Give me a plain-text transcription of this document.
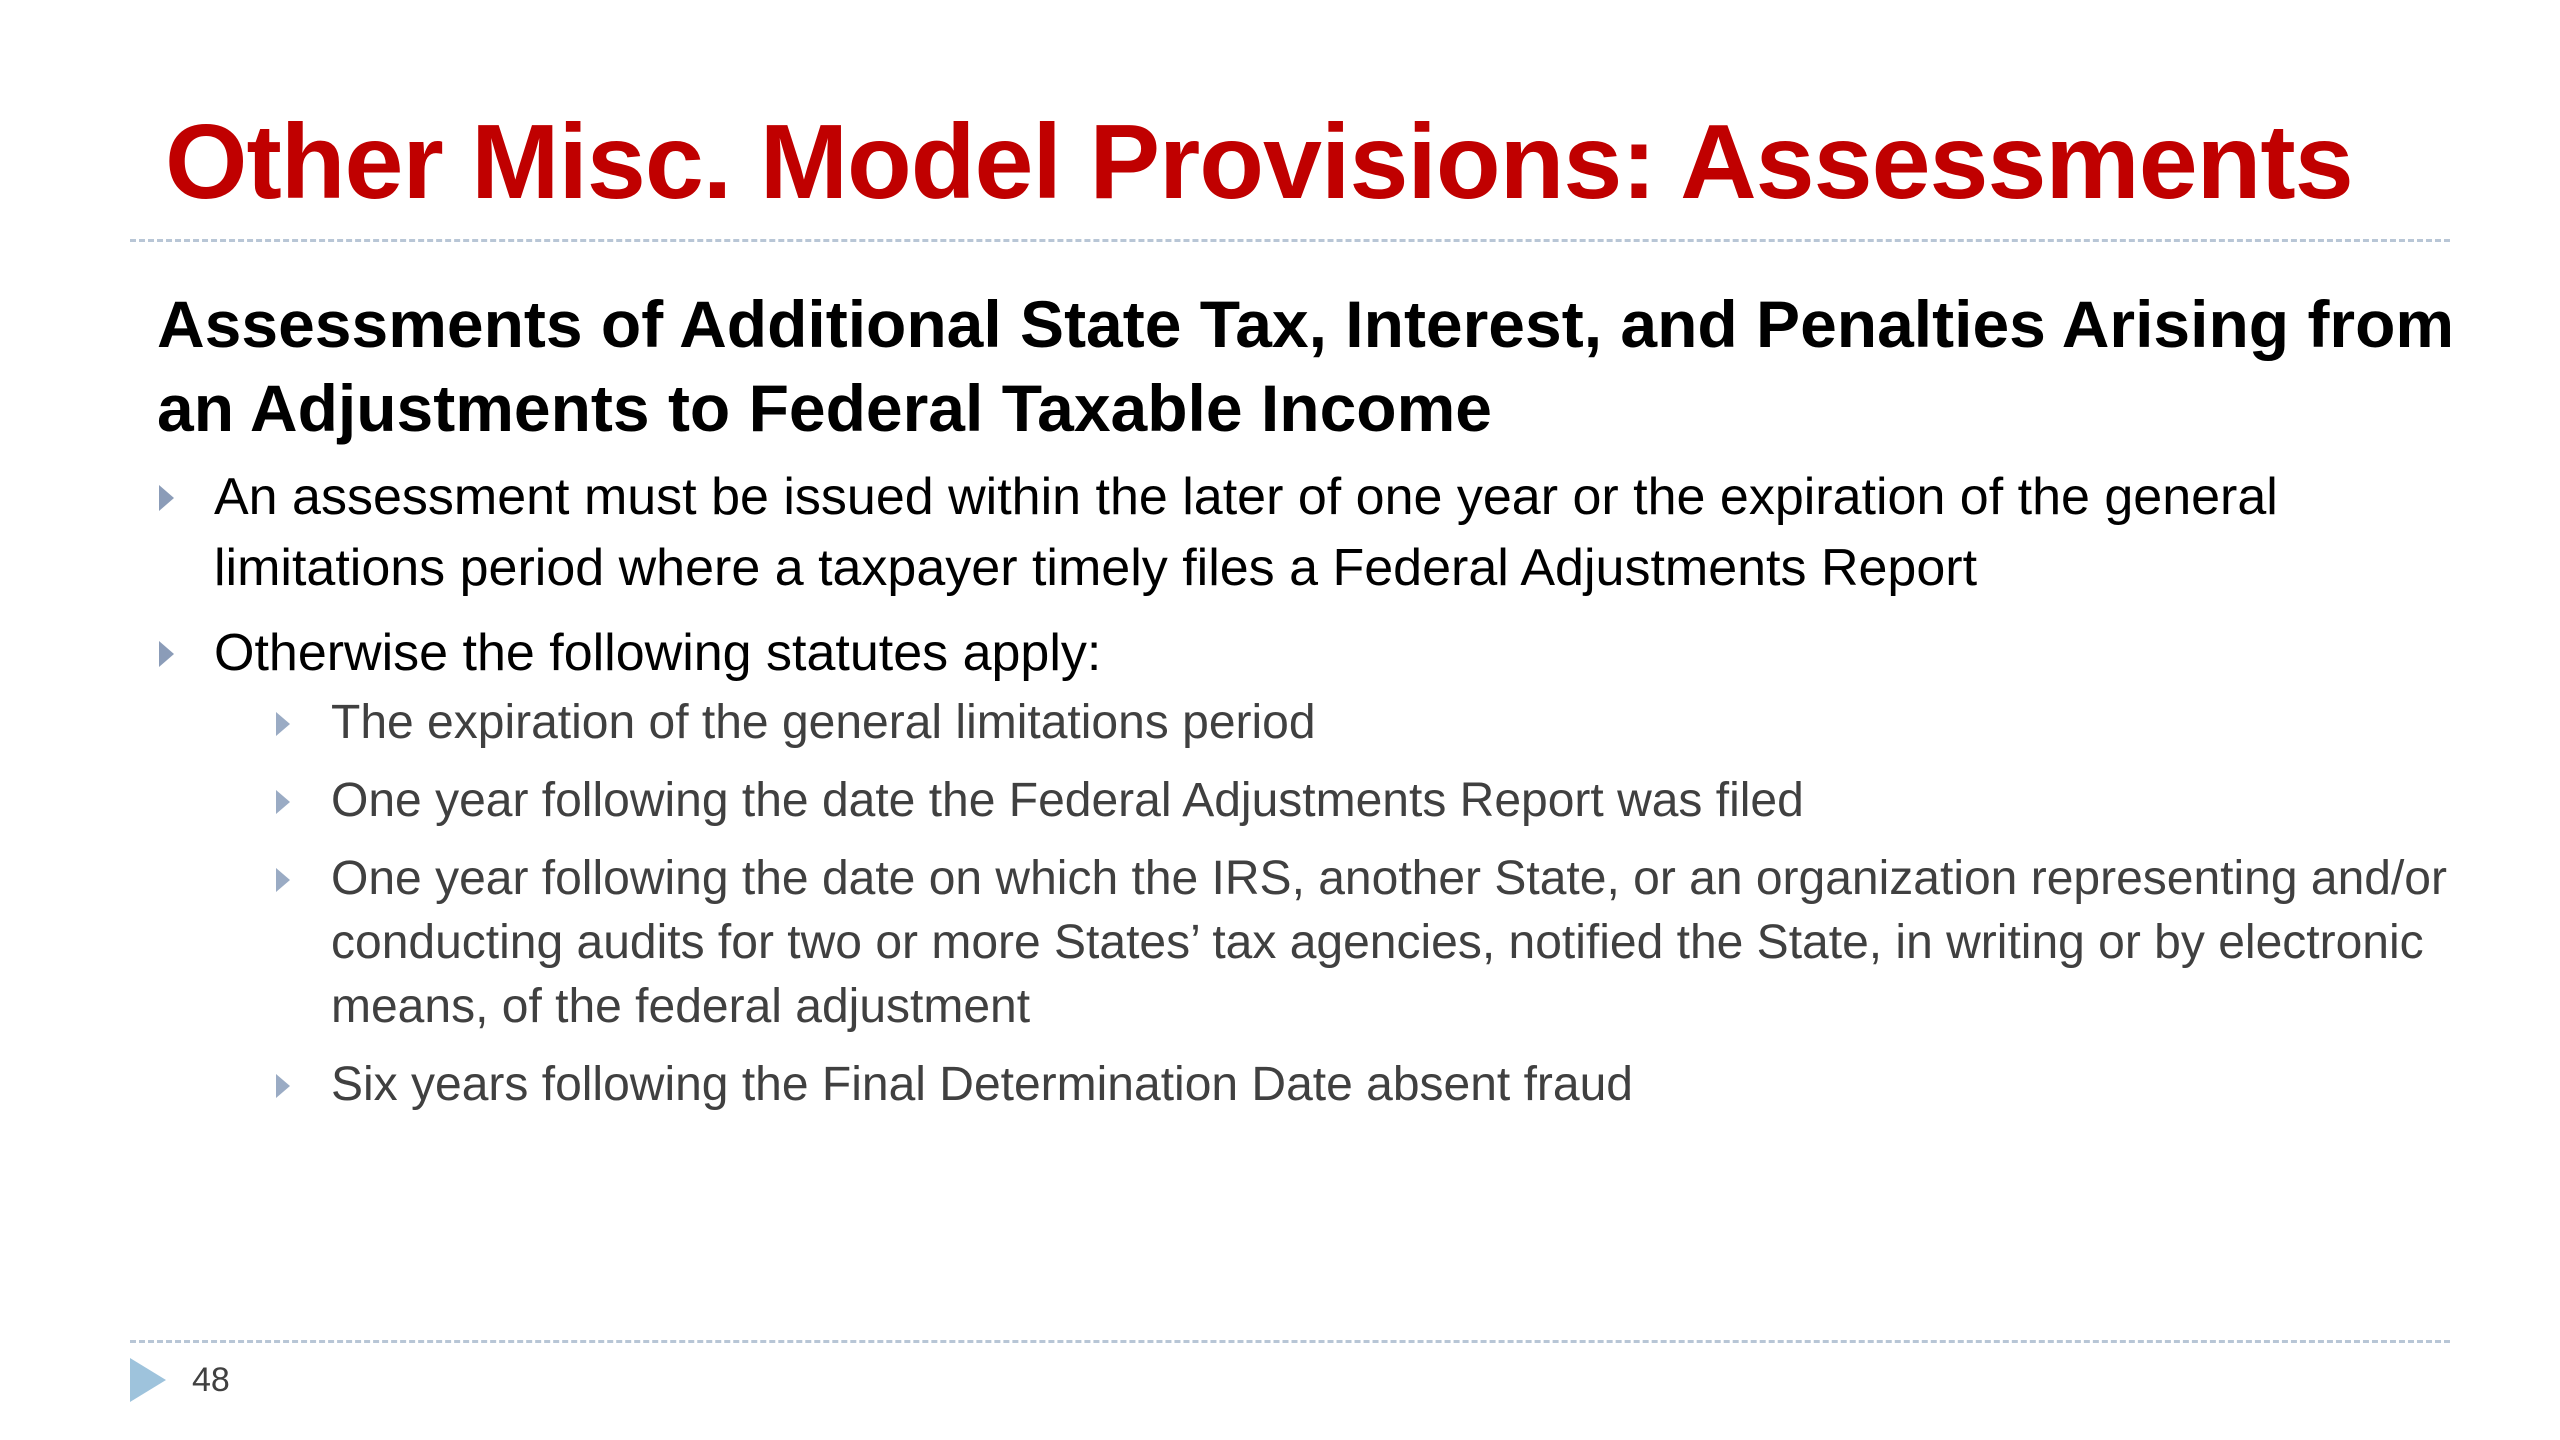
Other Misc. Model Provisions: Assessments
Assessments of Additional State Tax, Interest, and Penalties Arising from an Adjustments to Federal Taxable Income
An assessment must be issued within the later of one year or the expiration of the general limitations period where a taxpayer timely files a Federal Adjustments Report
Otherwise the following statutes apply:
The expiration of the general limitations period
One year following the date the Federal Adjustments Report was filed
One year following the date on which the IRS, another State, or an organization representing and/or conducting audits for two or more States’ tax agencies, notified the State, in writing or by electronic means, of the federal adjustment
Six years following the Final Determination Date absent fraud
48
